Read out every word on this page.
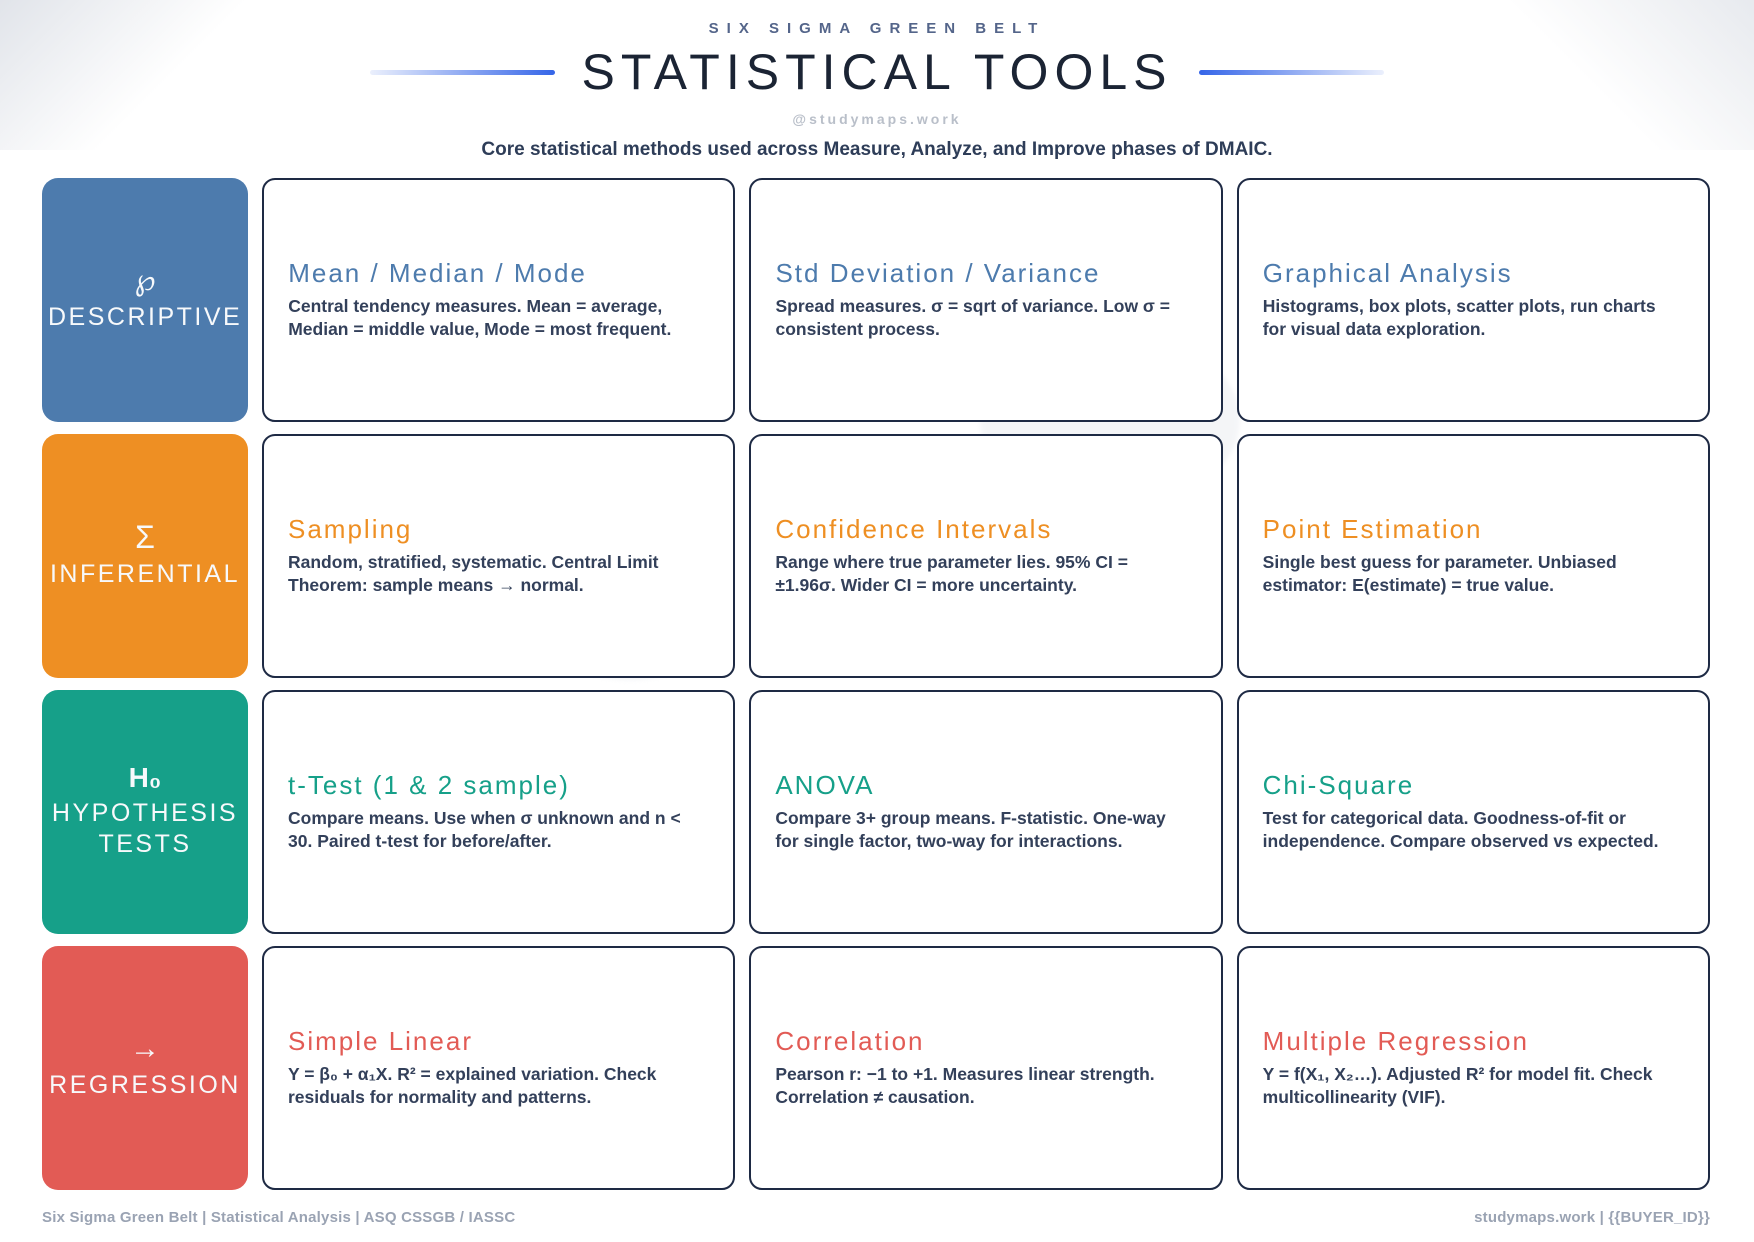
SIX SIGMA GREEN BELT
STATISTICAL TOOLS
@studymaps.work
Core statistical methods used across Measure, Analyze, and Improve phases of DMAIC.
℘
DESCRIPTIVE
Mean / Median / Mode

Central tendency measures. Mean = average, Median = middle value, Mode = most frequent.

Std Deviation / Variance

Spread measures. σ = sqrt of variance. Low σ = consistent process.

Graphical Analysis

Histograms, box plots, scatter plots, run charts for visual data exploration.

Σ
INFERENTIAL
Sampling

Random, stratified, systematic. Central Limit Theorem: sample means → normal.

Confidence Intervals

Range where true parameter lies. 95% CI = ±1.96σ. Wider CI = more uncertainty.

Point Estimation

Single best guess for parameter. Unbiased estimator: E(estimate) = true value.

H₀
HYPOTHESIS TESTS
t-Test (1 & 2 sample)

Compare means. Use when σ unknown and n < 30. Paired t-test for before/after.

ANOVA

Compare 3+ group means. F-statistic. One-way for single factor, two-way for interactions.

Chi-Square

Test for categorical data. Goodness-of-fit or independence. Compare observed vs expected.

→
REGRESSION
Simple Linear

Y = β₀ + α₁X. R² = explained variation. Check residuals for normality and patterns.

Correlation

Pearson r: −1 to +1. Measures linear strength. Correlation ≠ causation.

Multiple Regression

Y = f(X₁, X₂…). Adjusted R² for model fit. Check multicollinearity (VIF).

Six Sigma Green Belt | Statistical Analysis | ASQ CSSGB / IASSC	studymaps.work | {{BUYER_ID}}
